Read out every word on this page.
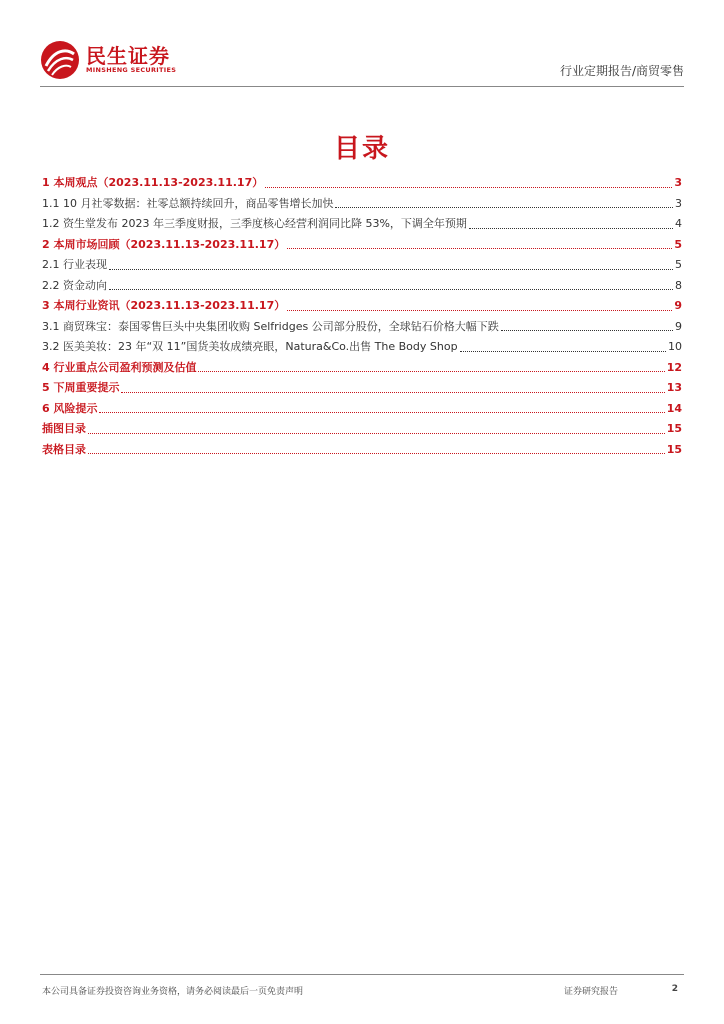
民生证券
MINSHENG SECURITIES	行业定期报告/商贸零售
目录
1 本周观点（2023.11.13-2023.11.17）	3
1.1 10 月社零数据：社零总额持续回升，商品零售增长加快	3
1.2 资生堂发布 2023 年三季度财报，三季度核心经营利润同比降 53%，下调全年预期	4
2 本周市场回顾（2023.11.13-2023.11.17）	5
2.1 行业表现	5
2.2 资金动向	8
3 本周行业资讯（2023.11.13-2023.11.17）	9
3.1 商贸珠宝：泰国零售巨头中央集团收购 Selfridges 公司部分股份，全球钻石价格大幅下跌	9
3.2 医美美妆：23 年“双 11”国货美妆成绩亮眼，Natura&Co.出售 The Body Shop	10
4 行业重点公司盈利预测及估值	12
5 下周重要提示	13
6 风险提示	14
插图目录	15
表格目录	15
本公司具备证券投资咨询业务资格，请务必阅读最后一页免责声明	证券研究报告	2
